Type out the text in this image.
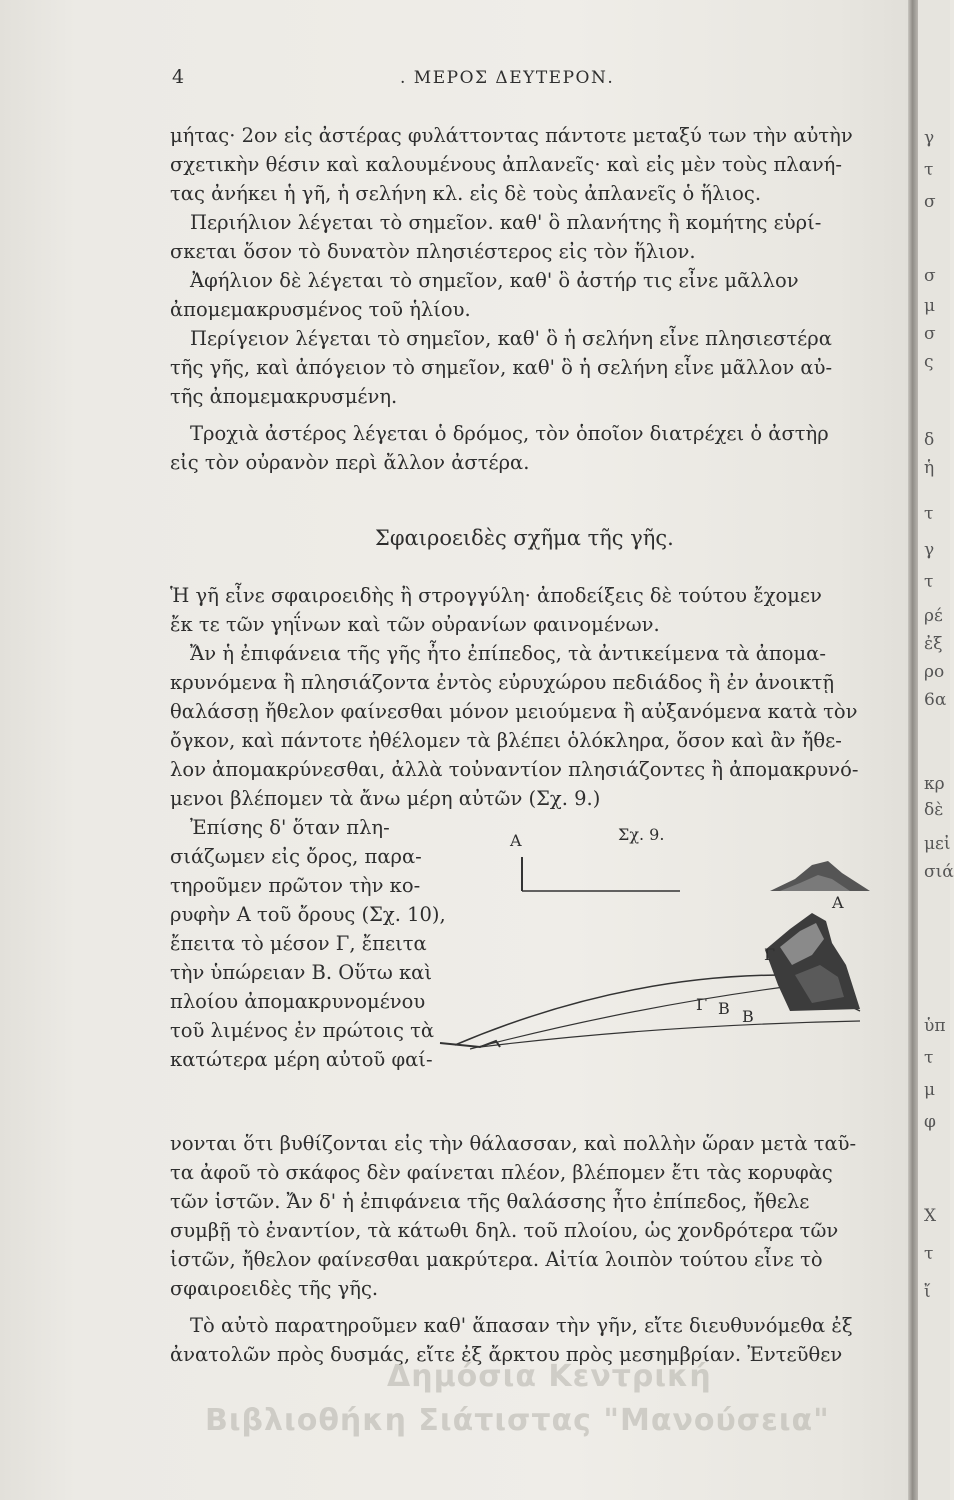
4	. ΜΕΡΟΣ ΔΕΥΤΕΡΟΝ.
μήτας· 2ον εἰς ἀστέρας φυλάττοντας πάντοτε μεταξύ των τὴν αὐτὴν
σχετικὴν θέσιν καὶ καλουμένους ἀπλανεῖς· καὶ εἰς μὲν τοὺς πλανή-
τας ἀνήκει ἡ γῆ, ἡ σελήνη κλ. εἰς δὲ τοὺς ἀπλανεῖς ὁ ἥλιος.
Περιήλιον λέγεται τὸ σημεῖον. καθ' ὃ πλανήτης ἢ κομήτης εὑρί-
σκεται ὅσον τὸ δυνατὸν πλησιέστερος εἰς τὸν ἥλιον.
Ἀφήλιον δὲ λέγεται τὸ σημεῖον, καθ' ὃ ἀστήρ τις εἶνε μᾶλλον
ἀπομεμακρυσμένος τοῦ ἡλίου.
Περίγειον λέγεται τὸ σημεῖον, καθ' ὃ ἡ σελήνη εἶνε πλησιεστέρα
τῆς γῆς, καὶ ἀπόγειον τὸ σημεῖον, καθ' ὃ ἡ σελήνη εἶνε μᾶλλον αὐ-
τῆς ἀπομεμακρυσμένη.
Τροχιὰ ἀστέρος λέγεται ὁ δρόμος, τὸν ὁποῖον διατρέχει ὁ ἀστὴρ
εἰς τὸν οὐρανὸν περὶ ἄλλον ἀστέρα.
Σφαιροειδὲς σχῆμα τῆς γῆς.
Ἡ γῆ εἶνε σφαιροειδὴς ἢ στρογγύλη· ἀποδείξεις δὲ τούτου ἔχομεν
ἔκ τε τῶν γηΐνων καὶ τῶν οὐρανίων φαινομένων.
Ἄν ἡ ἐπιφάνεια τῆς γῆς ἦτο ἐπίπεδος, τὰ ἀντικείμενα τὰ ἀπομα-
κρυνόμενα ἢ πλησιάζοντα ἐντὸς εὐρυχώρου πεδιάδος ἢ ἐν ἀνοικτῇ
θαλάσσῃ ἤθελον φαίνεσθαι μόνον μειούμενα ἢ αὐξανόμενα κατὰ τὸν
ὄγκον, καὶ πάντοτε ἠθέλομεν τὰ βλέπει ὁλόκληρα, ὅσον καὶ ἂν ἤθε-
λον ἀπομακρύνεσθαι, ἀλλὰ τοὐναντίον πλησιάζοντες ἢ ἀπομακρυνό-
μενοι βλέπομεν τὰ ἄνω μέρη αὐτῶν (Σχ. 9.)
Ἐπίσης δ' ὅταν πλη-
σιάζωμεν εἰς ὄρος, παρα-
τηροῦμεν πρῶτον τὴν κο-
ρυφὴν Α τοῦ ὄρους (Σχ. 10),
ἔπειτα τὸ μέσον Γ, ἔπειτα
τὴν ὑπώρειαν Β. Οὕτω καὶ
πλοίου ἀπομακρυνομένου
τοῦ λιμένος ἐν πρώτοις τὰ
κατώτερα μέρη αὐτοῦ φαί-
νονται ὅτι βυθίζονται εἰς τὴν θάλασσαν, καὶ πολλὴν ὥραν μετὰ ταῦ-
τα ἀφοῦ τὸ σκάφος δὲν φαίνεται πλέον, βλέπομεν ἔτι τὰς κορυφὰς
τῶν ἱστῶν. Ἄν δ' ἡ ἐπιφάνεια τῆς θαλάσσης ἦτο ἐπίπεδος, ἤθελε
συμβῇ τὸ ἐναντίον, τὰ κάτωθι δηλ. τοῦ πλοίου, ὡς χονδρότερα τῶν
ἱστῶν, ἤθελον φαίνεσθαι μακρύτερα. Αἰτία λοιπὸν τούτου εἶνε τὸ
σφαιροειδὲς τῆς γῆς.
Τὸ αὐτὸ παρατηροῦμεν καθ' ἅπασαν τὴν γῆν, εἴτε διευθυνόμεθα ἐξ
ἀνατολῶν πρὸς δυσμάς, εἴτε ἐξ ἄρκτου πρὸς μεσημβρίαν. Ἐντεῦθεν
Σχ. 9.
Α
Α
Γ
Γ Β Β
Δημόσια Κεντρική
Βιβλιοθήκη Σιάτιστας "Μανούσεια"
γ
τ
σ
σ
μ
σ
ς
δ
ἡ
τ
γ
τ
ρέ
ἐξ
ρο
6α
κρ
δὲ
μεἰ
σιά
ὑπ
τ
μ
φ
Χ
τ
ἴ
